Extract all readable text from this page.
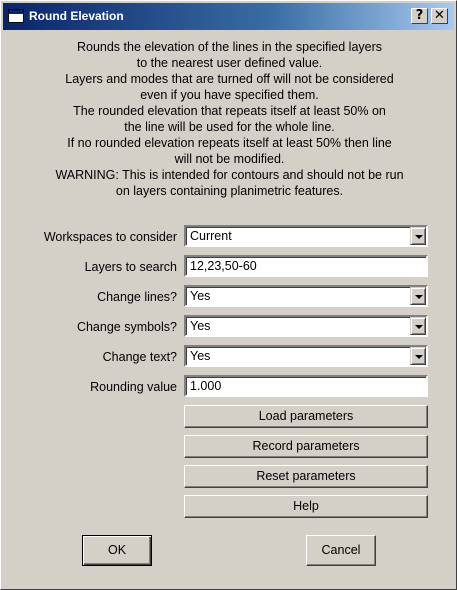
Round Elevation	? ✕
Rounds the elevation of the lines in the specified layers
to the nearest user defined value.
Layers and modes that are turned off will not be considered
even if you have specified them.
The rounded elevation that repeats itself at least 50% on
the line will be used for the whole line.
If no rounded elevation repeats itself at least 50% then line
will not be modified.
WARNING: This is intended for contours and should not be run
on layers containing planimetric features.
Workspaces to consider	Current
Layers to search	12,23,50-60
Change lines?	Yes
Change symbols?	Yes
Change text?	Yes
Rounding value	1.000
Load parameters
Record parameters
Reset parameters
Help
OK	Cancel
